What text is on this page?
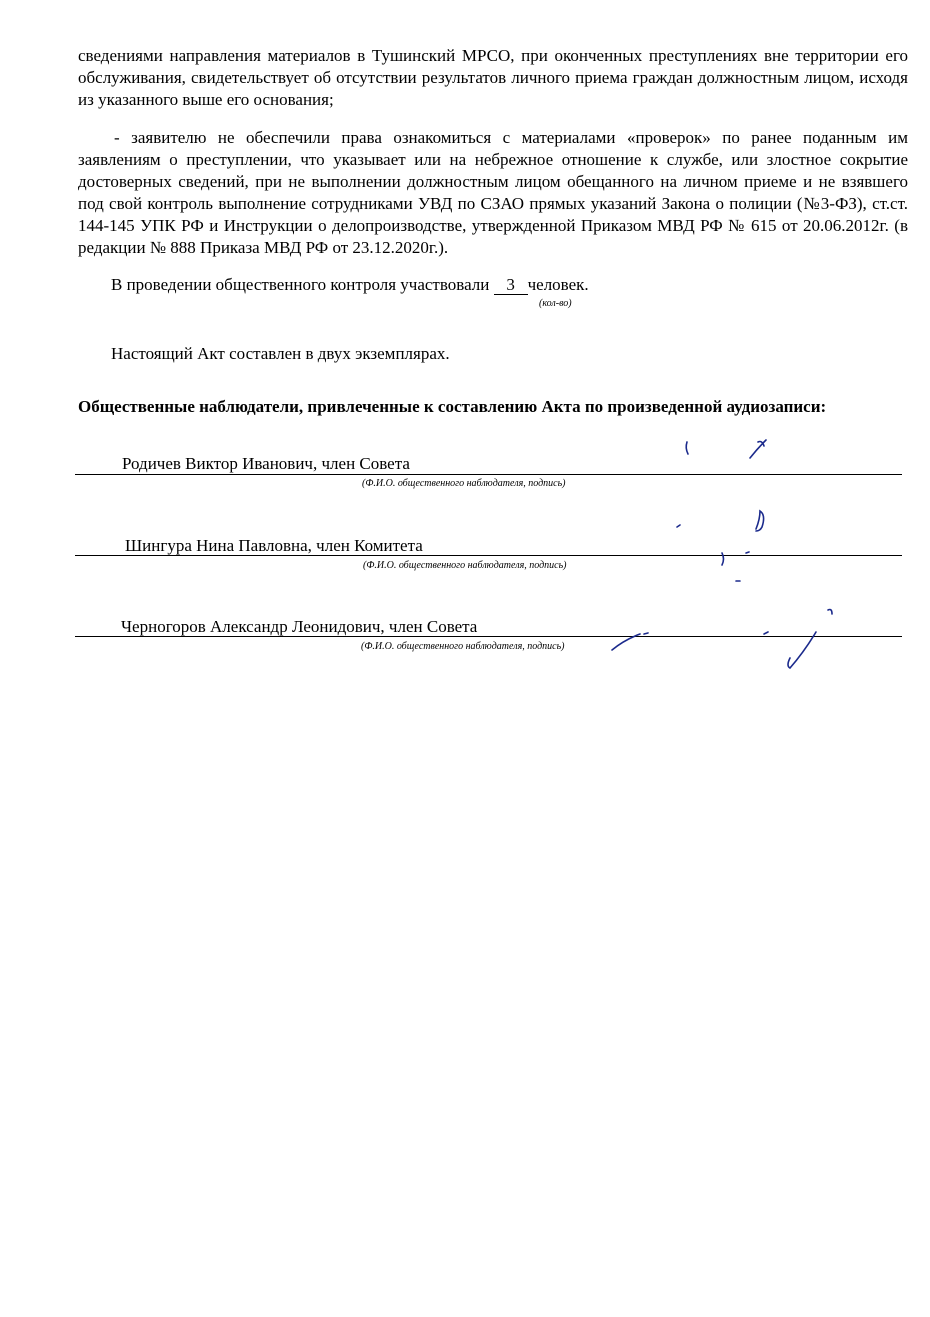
сведениями направления материалов в Тушинский МРСО, при оконченных преступлениях вне территории его обслуживания, свидетельствует об отсутствии результатов личного приема граждан должностным лицом, исходя из указанного выше его основания;

- заявителю не обеспечили права ознакомиться с материалами «проверок» по ранее поданным им заявлениям о преступлении, что указывает или на небрежное отношение к службе, или злостное сокрытие достоверных сведений, при не выполнении должностным лицом обещанного на личном приеме и не взявшего под свой контроль выполнение сотрудниками УВД по СЗАО прямых указаний Закона о полиции (№3-ФЗ), ст.ст. 144-145 УПК РФ и Инструкции о делопроизводстве, утвержденной Приказом МВД РФ № 615 от 20.06.2012г. (в редакции № 888 Приказа МВД РФ от 23.12.2020г.).

В проведении общественного контроля участвовали 3 человек.
(кол-во)
Настоящий Акт составлен в двух экземплярах.
Общественные наблюдатели, привлеченные к составлению Акта по произведенной аудиозаписи:
Родичев Виктор Иванович, член Совета
(Ф.И.О. общественного наблюдателя, подпись)
Шингура Нина Павловна, член Комитета
(Ф.И.О. общественного наблюдателя, подпись)
Черногоров Александр Леонидович, член Совета
(Ф.И.О. общественного наблюдателя, подпись)
